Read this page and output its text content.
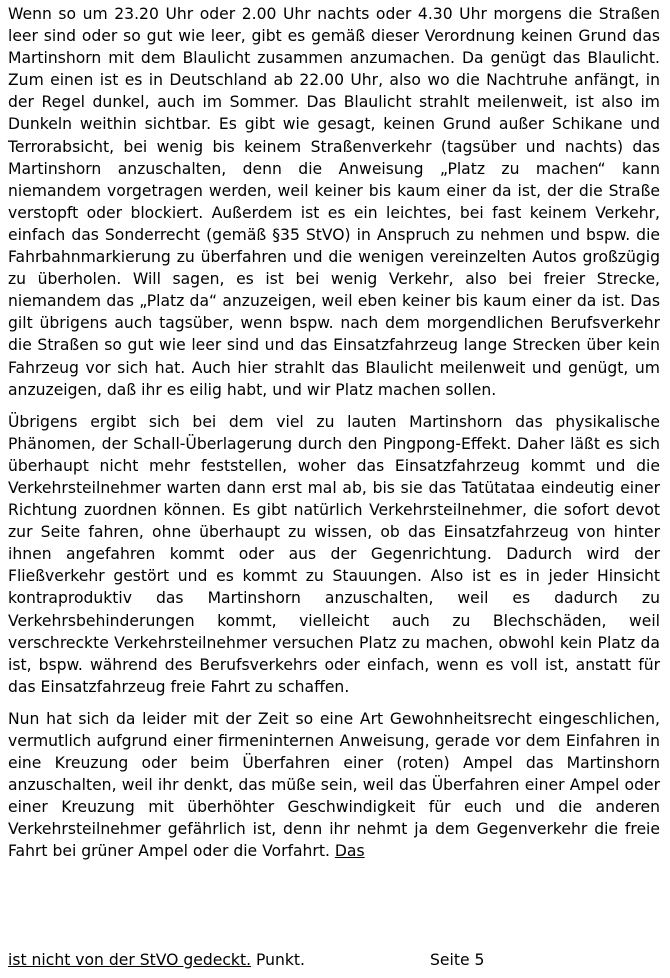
Wenn so um 23.20 Uhr oder 2.00 Uhr nachts oder 4.30 Uhr morgens die Straßen leer sind oder so gut wie leer, gibt es gemäß dieser Verordnung keinen Grund das Martinshorn mit dem Blaulicht zusammen anzumachen. Da genügt das Blaulicht. Zum einen ist es in Deutschland ab 22.00 Uhr, also wo die Nachtruhe anfängt, in der Regel dunkel, auch im Sommer. Das Blaulicht strahlt meilenweit, ist also im Dunkeln weithin sichtbar. Es gibt wie gesagt, keinen Grund außer Schikane und Terrorabsicht, bei wenig bis keinem Straßenverkehr (tagsüber und nachts) das Martinshorn anzuschalten, denn die Anweisung „Platz zu machen“ kann niemandem vorgetragen werden, weil keiner bis kaum einer da ist, der die Straße verstopft oder blockiert. Außerdem ist es ein leichtes, bei fast keinem Verkehr, einfach das Sonderrecht (gemäß §35 StVO) in Anspruch zu nehmen und bspw. die Fahrbahnmarkierung zu überfahren und die wenigen vereinzelten Autos großzügig zu überholen. Will sagen, es ist bei wenig Verkehr, also bei freier Strecke, niemandem das „Platz da“ anzuzeigen, weil eben keiner bis kaum einer da ist. Das gilt übrigens auch tagsüber, wenn bspw. nach dem morgendlichen Berufsverkehr die Straßen so gut wie leer sind und das Einsatzfahrzeug lange Strecken über kein Fahrzeug vor sich hat. Auch hier strahlt das Blaulicht meilenweit und genügt, um anzuzeigen, daß ihr es eilig habt, und wir Platz machen sollen.

Übrigens ergibt sich bei dem viel zu lauten Martinshorn das physikalische Phänomen, der Schall-Überlagerung durch den Pingpong-Effekt. Daher läßt es sich überhaupt nicht mehr feststellen, woher das Einsatzfahrzeug kommt und die Verkehrsteilnehmer warten dann erst mal ab, bis sie das Tatütataa eindeutig einer Richtung zuordnen können. Es gibt natürlich Verkehrsteilnehmer, die sofort devot zur Seite fahren, ohne überhaupt zu wissen, ob das Einsatzfahrzeug von hinter ihnen angefahren kommt oder aus der Gegenrichtung. Dadurch wird der Fließverkehr gestört und es kommt zu Stauungen. Also ist es in jeder Hinsicht kontraproduktiv das Martinshorn anzuschalten, weil es dadurch zu Verkehrsbehinderungen kommt, vielleicht auch zu Blechschäden, weil verschreckte Verkehrsteilnehmer versuchen Platz zu machen, obwohl kein Platz da ist, bspw. während des Berufsverkehrs oder einfach, wenn es voll ist, anstatt für das Einsatzfahrzeug freie Fahrt zu schaffen.

Nun hat sich da leider mit der Zeit so eine Art Gewohnheitsrecht eingeschlichen, vermutlich aufgrund einer firmeninternen Anweisung, gerade vor dem Einfahren in eine Kreuzung oder beim Überfahren einer (roten) Ampel das Martinshorn anzuschalten, weil ihr denkt, das müße sein, weil das Überfahren einer Ampel oder einer Kreuzung mit überhöhter Geschwindigkeit für euch und die anderen Verkehrsteilnehmer gefährlich ist, denn ihr nehmt ja dem Gegenverkehr die freie Fahrt bei grüner Ampel oder die Vorfahrt. Das

ist nicht von der StVO gedeckt. Punkt.	Seite 5
